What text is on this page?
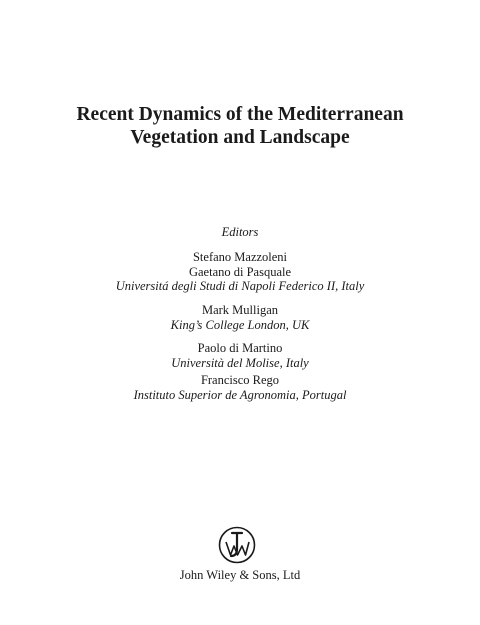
Recent Dynamics of the Mediterranean
Vegetation and Landscape
Editors
Stefano Mazzoleni
Gaetano di Pasquale
Universitá degli Studi di Napoli Federico II, Italy
Mark Mulligan
King’s College London, UK
Paolo di Martino
Università del Molise, Italy
Francisco Rego
Instituto Superior de Agronomia, Portugal
John Wiley & Sons, Ltd
